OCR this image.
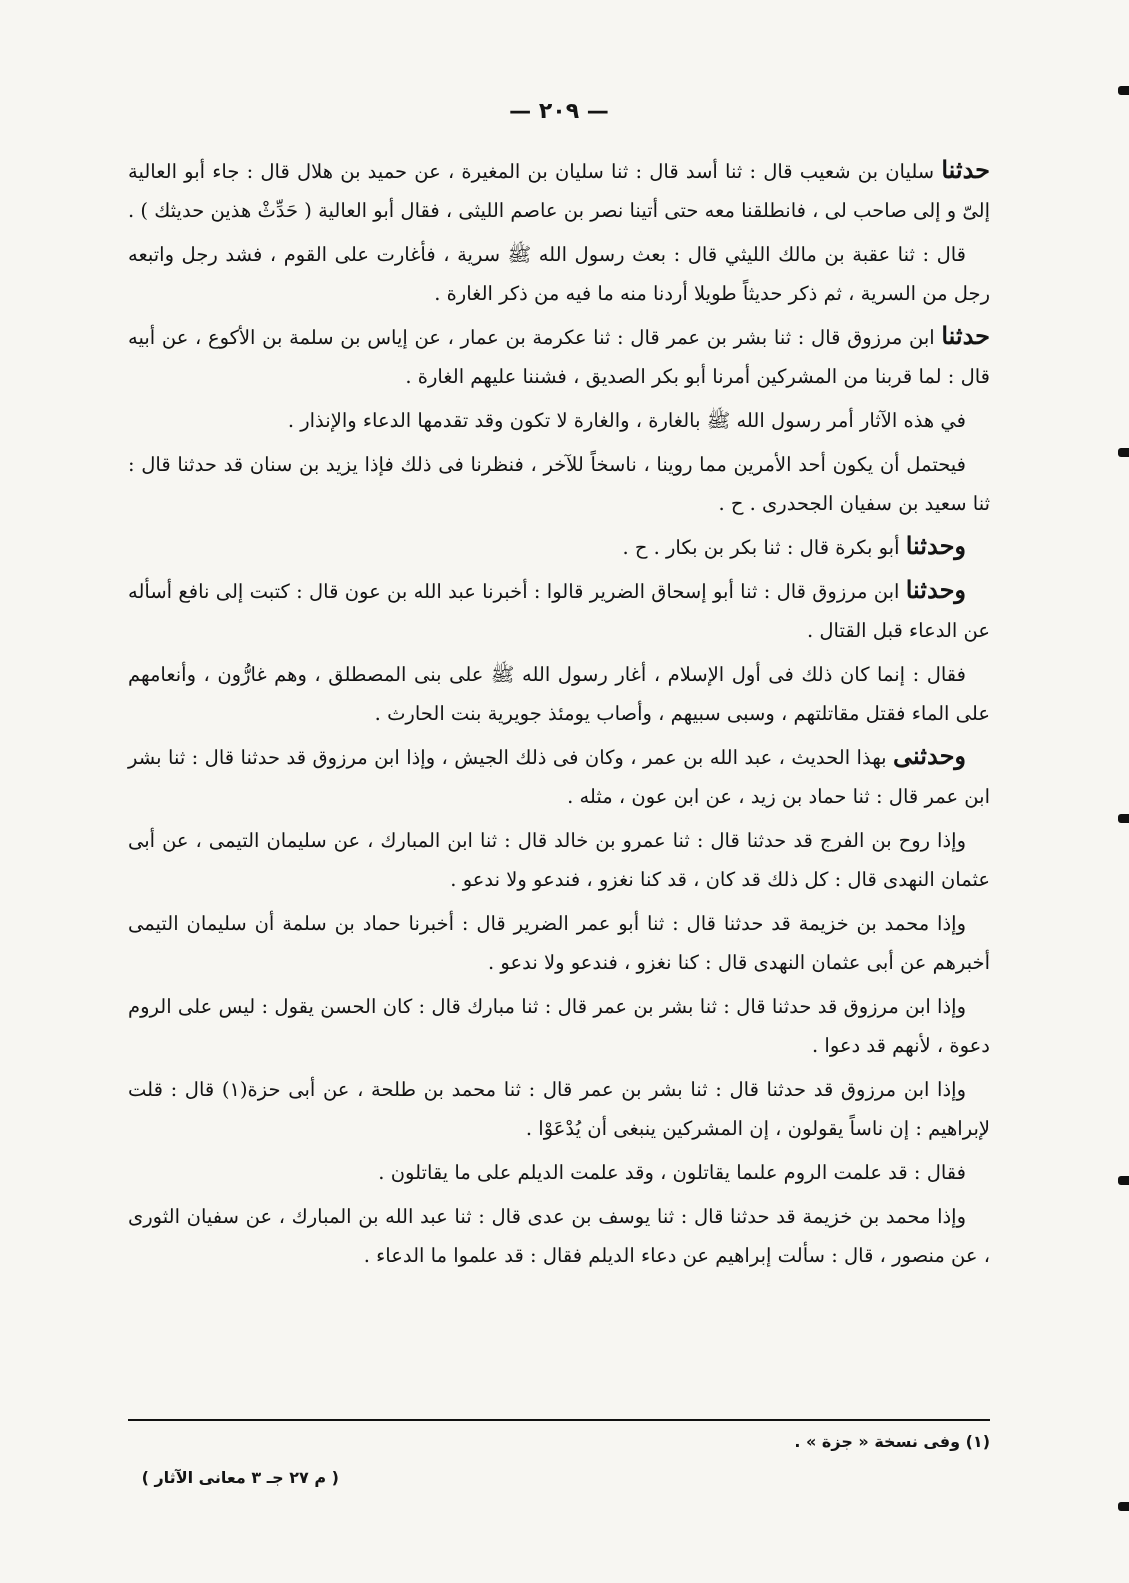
— ٢٠٩ —

حدثنا سليان بن شعيب قال : ثنا أسد قال : ثنا سليان بن المغيرة ، عن حميد بن هلال قال : جاء أبو العالية إلىّ و إلى صاحب لى ، فانطلقنا معه حتى أتينا نصر بن عاصم الليثى ، فقال أبو العالية ( حَدِّثْ هذين حديثك ) .

قال : ثنا عقبة بن مالك الليثي قال : بعث رسول الله ﷺ سرية ، فأغارت على القوم ، فشد رجل واتبعه رجل من السرية ، ثم ذكر حديثاً طويلا أردنا منه ما فيه من ذكر الغارة .

حدثنا ابن مرزوق قال : ثنا بشر بن عمر قال : ثنا عكرمة بن عمار ، عن إياس بن سلمة بن الأكوع ، عن أبيه قال : لما قربنا من المشركين أمرنا أبو بكر الصديق ، فشننا عليهم الغارة .

في هذه الآثار أمر رسول الله ﷺ بالغارة ، والغارة لا تكون وقد تقدمها الدعاء والإنذار .

فيحتمل أن يكون أحد الأمرين مما روينا ، ناسخاً للآخر ، فنظرنا فى ذلك فإذا يزيد بن سنان قد حدثنا قال : ثنا سعيد بن سفيان الجحدرى . ح .

وحدثنا أبو بكرة قال : ثنا بكر بن بكار . ح .

وحدثنا ابن مرزوق قال : ثنا أبو إسحاق الضرير قالوا : أخبرنا عبد الله بن عون قال : كتبت إلى نافع أسأله عن الدعاء قبل القتال .

فقال : إنما كان ذلك فى أول الإسلام ، أغار رسول الله ﷺ على بنى المصطلق ، وهم غارُّون ، وأنعامهم على الماء فقتل مقاتلتهم ، وسبى سبيهم ، وأصاب يومئذ جويرية بنت الحارث .

وحدثنى بهذا الحديث ، عبد الله بن عمر ، وكان فى ذلك الجيش ، وإذا ابن مرزوق قد حدثنا قال : ثنا بشر ابن عمر قال : ثنا حماد بن زيد ، عن ابن عون ، مثله .

وإذا روح بن الفرج قد حدثنا قال : ثنا عمرو بن خالد قال : ثنا ابن المبارك ، عن سليمان التيمى ، عن أبى عثمان النهدى قال : كل ذلك قد كان ، قد كنا نغزو ، فندعو ولا ندعو .

وإذا محمد بن خزيمة قد حدثنا قال : ثنا أبو عمر الضرير قال : أخبرنا حماد بن سلمة أن سليمان التيمى أخبرهم عن أبى عثمان النهدى قال : كنا نغزو ، فندعو ولا ندعو .

وإذا ابن مرزوق قد حدثنا قال : ثنا بشر بن عمر قال : ثنا مبارك قال : كان الحسن يقول : ليس على الروم دعوة ، لأنهم قد دعوا .

وإذا ابن مرزوق قد حدثنا قال : ثنا بشر بن عمر قال : ثنا محمد بن طلحة ، عن أبى حزة(١) قال : قلت لإبراهيم : إن ناساً يقولون ، إن المشركين ينبغى أن يُدْعَوْا .

فقال : قد علمت الروم علىما يقاتلون ، وقد علمت الديلم على ما يقاتلون .

وإذا محمد بن خزيمة قد حدثنا قال : ثنا يوسف بن عدى قال : ثنا عبد الله بن المبارك ، عن سفيان الثورى ، عن منصور ، قال : سألت إبراهيم عن دعاء الديلم فقال : قد علموا ما الدعاء .

(١) وفى نسخة « جزة » .
( م ٢٧ جـ ٣ معانى الآثار )
